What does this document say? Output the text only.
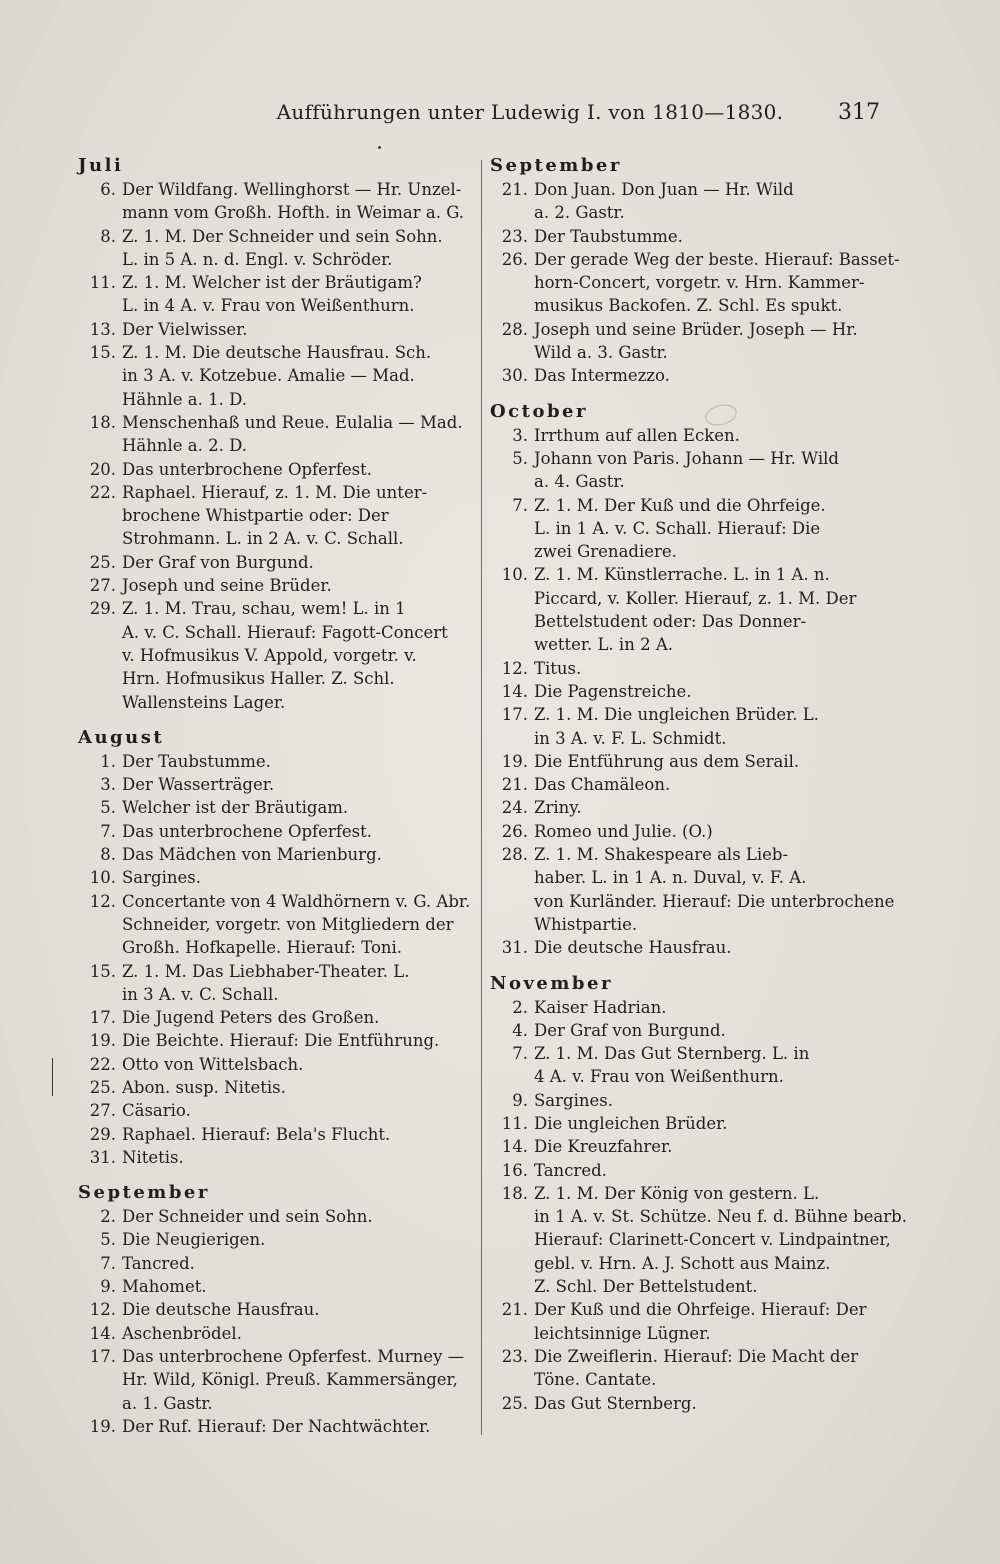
Aufführungen unter Ludewig I. von 1810—1830.	317
Juli
6. Der Wildfang. Wellinghorst — Hr. Unzel-
mann vom Großh. Hofth. in Weimar a. G.
8. Z. 1. M. Der Schneider und sein Sohn.
L. in 5 A. n. d. Engl. v. Schröder.
11. Z. 1. M. Welcher ist der Bräutigam?
L. in 4 A. v. Frau von Weißenthurn.
13. Der Vielwisser.
15. Z. 1. M. Die deutsche Hausfrau. Sch.
in 3 A. v. Kotzebue. Amalie — Mad.
Hähnle a. 1. D.
18. Menschenhaß und Reue. Eulalia — Mad.
Hähnle a. 2. D.
20. Das unterbrochene Opferfest.
22. Raphael. Hierauf, z. 1. M. Die unter-
brochene Whistpartie oder: Der
Strohmann. L. in 2 A. v. C. Schall.
25. Der Graf von Burgund.
27. Joseph und seine Brüder.
29. Z. 1. M. Trau, schau, wem! L. in 1
A. v. C. Schall. Hierauf: Fagott-Concert
v. Hofmusikus V. Appold, vorgetr. v.
Hrn. Hofmusikus Haller. Z. Schl.
Wallensteins Lager.
August
1. Der Taubstumme.
3. Der Wasserträger.
5. Welcher ist der Bräutigam.
7. Das unterbrochene Opferfest.
8. Das Mädchen von Marienburg.
10. Sargines.
12. Concertante von 4 Waldhörnern v. G. Abr.
Schneider, vorgetr. von Mitgliedern der
Großh. Hofkapelle. Hierauf: Toni.
15. Z. 1. M. Das Liebhaber-Theater. L.
in 3 A. v. C. Schall.
17. Die Jugend Peters des Großen.
19. Die Beichte. Hierauf: Die Entführung.
22. Otto von Wittelsbach.
25. Abon. susp. Nitetis.
27. Cäsario.
29. Raphael. Hierauf: Bela's Flucht.
31. Nitetis.
September
2. Der Schneider und sein Sohn.
5. Die Neugierigen.
7. Tancred.
9. Mahomet.
12. Die deutsche Hausfrau.
14. Aschenbrödel.
17. Das unterbrochene Opferfest. Murney —
Hr. Wild, Königl. Preuß. Kammersänger,
a. 1. Gastr.
19. Der Ruf. Hierauf: Der Nachtwächter.
September
21. Don Juan. Don Juan — Hr. Wild
a. 2. Gastr.
23. Der Taubstumme.
26. Der gerade Weg der beste. Hierauf: Basset-
horn-Concert, vorgetr. v. Hrn. Kammer-
musikus Backofen. Z. Schl. Es spukt.
28. Joseph und seine Brüder. Joseph — Hr.
Wild a. 3. Gastr.
30. Das Intermezzo.
October
3. Irrthum auf allen Ecken.
5. Johann von Paris. Johann — Hr. Wild
a. 4. Gastr.
7. Z. 1. M. Der Kuß und die Ohrfeige.
L. in 1 A. v. C. Schall. Hierauf: Die
zwei Grenadiere.
10. Z. 1. M. Künstlerrache. L. in 1 A. n.
Piccard, v. Koller. Hierauf, z. 1. M. Der
Bettelstudent oder: Das Donner-
wetter. L. in 2 A.
12. Titus.
14. Die Pagenstreiche.
17. Z. 1. M. Die ungleichen Brüder. L.
in 3 A. v. F. L. Schmidt.
19. Die Entführung aus dem Serail.
21. Das Chamäleon.
24. Zriny.
26. Romeo und Julie. (O.)
28. Z. 1. M. Shakespeare als Lieb-
haber. L. in 1 A. n. Duval, v. F. A.
von Kurländer. Hierauf: Die unterbrochene
Whistpartie.
31. Die deutsche Hausfrau.
November
2. Kaiser Hadrian.
4. Der Graf von Burgund.
7. Z. 1. M. Das Gut Sternberg. L. in
4 A. v. Frau von Weißenthurn.
9. Sargines.
11. Die ungleichen Brüder.
14. Die Kreuzfahrer.
16. Tancred.
18. Z. 1. M. Der König von gestern. L.
in 1 A. v. St. Schütze. Neu f. d. Bühne bearb.
Hierauf: Clarinett-Concert v. Lindpaintner,
gebl. v. Hrn. A. J. Schott aus Mainz.
Z. Schl. Der Bettelstudent.
21. Der Kuß und die Ohrfeige. Hierauf: Der
leichtsinnige Lügner.
23. Die Zweiflerin. Hierauf: Die Macht der
Töne. Cantate.
25. Das Gut Sternberg.
